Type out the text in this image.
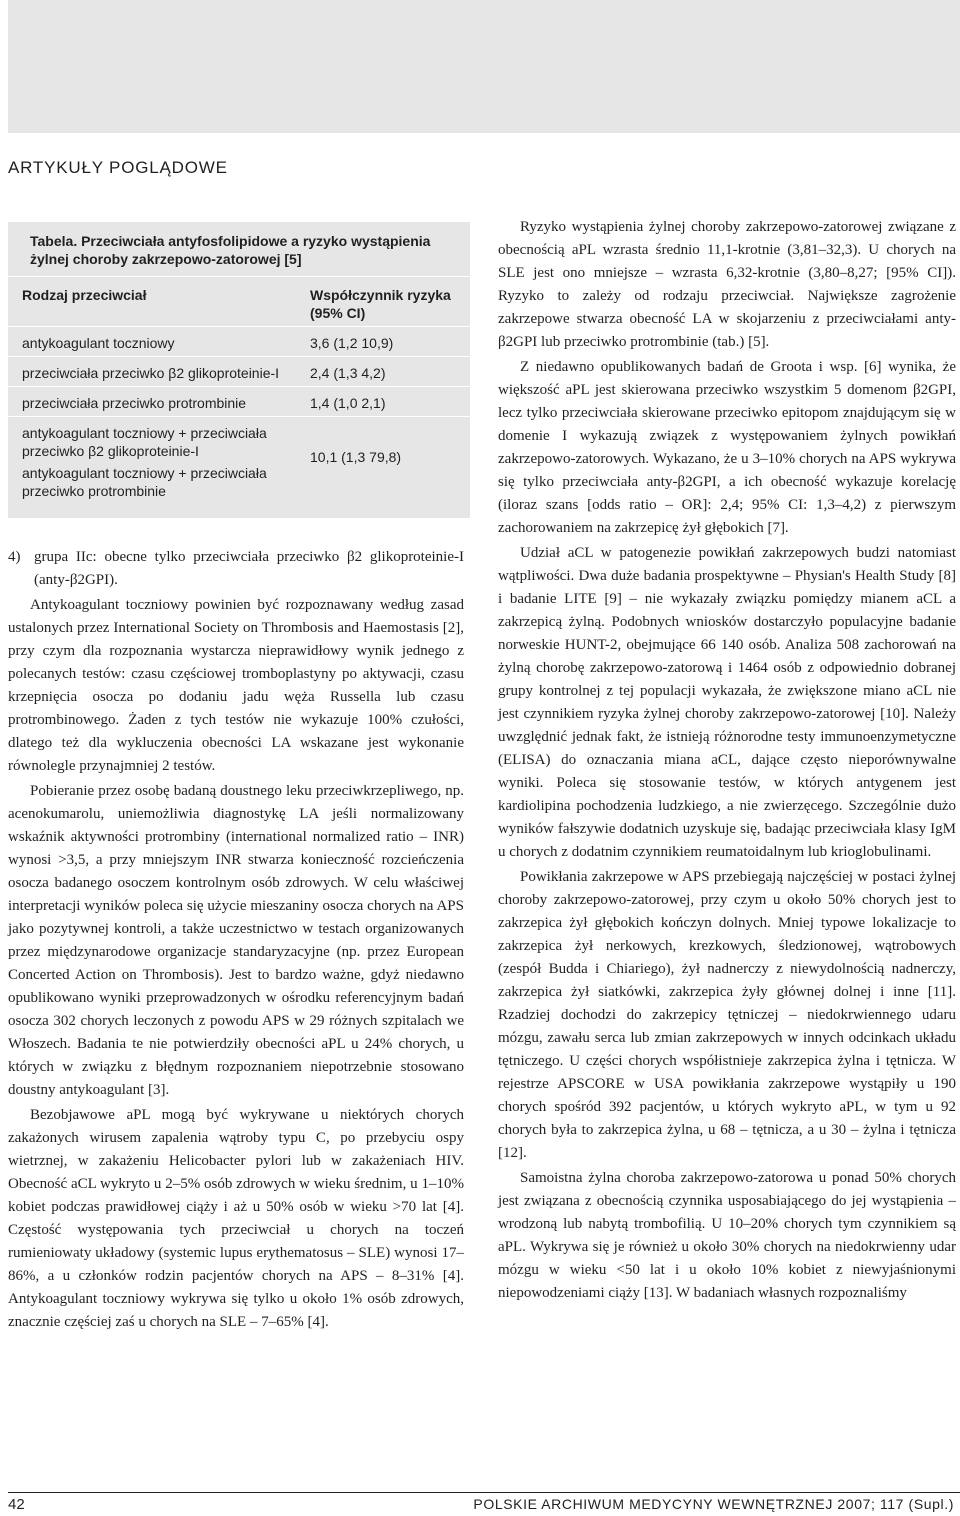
ARTYKUŁY POGLĄDOWE
Tabela. Przeciwciała antyfosfolipidowe a ryzyko wystąpienia żylnej choroby zakrzepowo-zatorowej [5]
Rodzaj przeciwciał	Współczynnik ryzyka (95% CI)
antykoagulant toczniowy	3,6 (1,2 10,9)
przeciwciała przeciwko β2 glikoproteinie-I 2,4 (1,3 4,2)
przeciwciała przeciwko protrombinie	1,4 (1,0 2,1)
antykoagulant toczniowy + przeciwciała przeciwko β2 glikoproteinie-I	10,1 (1,3 79,8)
antykoagulant toczniowy + przeciwciała przeciwko protrombinie

4) grupa IIc: obecne tylko przeciwciała przeciwko β2 glikoproteinie-I (anty-β2GPI).

Antykoagulant toczniowy powinien być rozpoznawany według zasad ustalonych przez International Society on Thrombosis and Haemostasis [2], przy czym dla rozpoznania wystarcza nieprawidłowy wynik jednego z polecanych testów: czasu częściowej tromboplastyny po aktywacji, czasu krzepnięcia osocza po dodaniu jadu węża Russella lub czasu protrombinowego. Żaden z tych testów nie wykazuje 100% czułości, dlatego też dla wykluczenia obecności LA wskazane jest wykonanie równolegle przynajmniej 2 testów.

Pobieranie przez osobę badaną doustnego leku przeciwkrzepliwego, np. acenokumarolu, uniemożliwia diagnostykę LA jeśli normalizowany wskaźnik aktywności protrombiny (international normalized ratio – INR) wynosi >3,5, a przy mniejszym INR stwarza konieczność rozcieńczenia osocza badanego osoczem kontrolnym osób zdrowych. W celu właściwej interpretacji wyników poleca się użycie mieszaniny osocza chorych na APS jako pozytywnej kontroli, a także uczestnictwo w testach organizowanych przez międzynarodowe organizacje standaryzacyjne (np. przez European Concerted Action on Thrombosis). Jest to bardzo ważne, gdyż niedawno opublikowano wyniki przeprowadzonych w ośrodku referencyjnym badań osocza 302 chorych leczonych z powodu APS w 29 różnych szpitalach we Włoszech. Badania te nie potwierdziły obecności aPL u 24% chorych, u których w związku z błędnym rozpoznaniem niepotrzebnie stosowano doustny antykoagulant [3].

Bezobjawowe aPL mogą być wykrywane u niektórych chorych zakażonych wirusem zapalenia wątroby typu C, po przebyciu ospy wietrznej, w zakażeniu Helicobacter pylori lub w zakażeniach HIV. Obecność aCL wykryto u 2–5% osób zdrowych w wieku średnim, u 1–10% kobiet podczas prawidłowej ciąży i aż u 50% osób w wieku >70 lat [4]. Częstość występowania tych przeciwciał u chorych na toczeń rumieniowaty układowy (systemic lupus erythematosus – SLE) wynosi 17–86%, a u członków rodzin pacjentów chorych na APS – 8–31% [4]. Antykoagulant toczniowy wykrywa się tylko u około 1% osób zdrowych, znacznie częściej zaś u chorych na SLE – 7–65% [4].

Ryzyko wystąpienia żylnej choroby zakrzepowo-zatorowej związane z obecnością aPL wzrasta średnio 11,1-krotnie (3,81–32,3). U chorych na SLE jest ono mniejsze – wzrasta 6,32-krotnie (3,80–8,27; [95% CI]). Ryzyko to zależy od rodzaju przeciwciał. Największe zagrożenie zakrzepowe stwarza obecność LA w skojarzeniu z przeciwciałami anty-β2GPI lub przeciwko protrombinie (tab.) [5].

Z niedawno opublikowanych badań de Groota i wsp. [6] wynika, że większość aPL jest skierowana przeciwko wszystkim 5 domenom β2GPI, lecz tylko przeciwciała skierowane przeciwko epitopom znajdującym się w domenie I wykazują związek z występowaniem żylnych powikłań zakrzepowo-zatorowych. Wykazano, że u 3–10% chorych na APS wykrywa się tylko przeciwciała anty-β2GPI, a ich obecność wykazuje korelację (iloraz szans [odds ratio – OR]: 2,4; 95% CI: 1,3–4,2) z pierwszym zachorowaniem na zakrzepicę żył głębokich [7].

Udział aCL w patogenezie powikłań zakrzepowych budzi natomiast wątpliwości. Dwa duże badania prospektywne – Physian's Health Study [8] i badanie LITE [9] – nie wykazały związku pomiędzy mianem aCL a zakrzepicą żylną. Podobnych wniosków dostarczyło populacyjne badanie norweskie HUNT-2, obejmujące 66 140 osób. Analiza 508 zachorowań na żylną chorobę zakrzepowo-zatorową i 1464 osób z odpowiednio dobranej grupy kontrolnej z tej populacji wykazała, że zwiększone miano aCL nie jest czynnikiem ryzyka żylnej choroby zakrzepowo-zatorowej [10]. Należy uwzględnić jednak fakt, że istnieją różnorodne testy immunoenzymetyczne (ELISA) do oznaczania miana aCL, dające często nieporównywalne wyniki. Poleca się stosowanie testów, w których antygenem jest kardiolipina pochodzenia ludzkiego, a nie zwierzęcego. Szczególnie dużo wyników fałszywie dodatnich uzyskuje się, badając przeciwciała klasy IgM u chorych z dodatnim czynnikiem reumatoidalnym lub krioglobulinami.

Powikłania zakrzepowe w APS przebiegają najczęściej w postaci żylnej choroby zakrzepowo-zatorowej, przy czym u około 50% chorych jest to zakrzepica żył głębokich kończyn dolnych. Mniej typowe lokalizacje to zakrzepica żył nerkowych, krezkowych, śledzionowej, wątrobowych (zespół Budda i Chiariego), żył nadnerczy z niewydolnością nadnerczy, zakrzepica żył siatkówki, zakrzepica żyły głównej dolnej i inne [11]. Rzadziej dochodzi do zakrzepicy tętniczej – niedokrwiennego udaru mózgu, zawału serca lub zmian zakrzepowych w innych odcinkach układu tętniczego. U części chorych współistnieje zakrzepica żylna i tętnicza. W rejestrze APSCORE w USA powikłania zakrzepowe wystąpiły u 190 chorych spośród 392 pacjentów, u których wykryto aPL, w tym u 92 chorych była to zakrzepica żylna, u 68 – tętnicza, a u 30 – żylna i tętnicza [12].

Samoistna żylna choroba zakrzepowo-zatorowa u ponad 50% chorych jest związana z obecnością czynnika usposabiającego do jej wystąpienia – wrodzoną lub nabytą trombofilią. U 10–20% chorych tym czynnikiem są aPL. Wykrywa się je również u około 30% chorych na niedokrwienny udar mózgu w wieku <50 lat i u około 10% kobiet z niewyjaśnionymi niepowodzeniami ciąży [13]. W badaniach własnych rozpoznaliśmy

42	POLSKIE ARCHIWUM MEDYCYNY WEWNĘTRZNEJ 2007; 117 (Supl.)
